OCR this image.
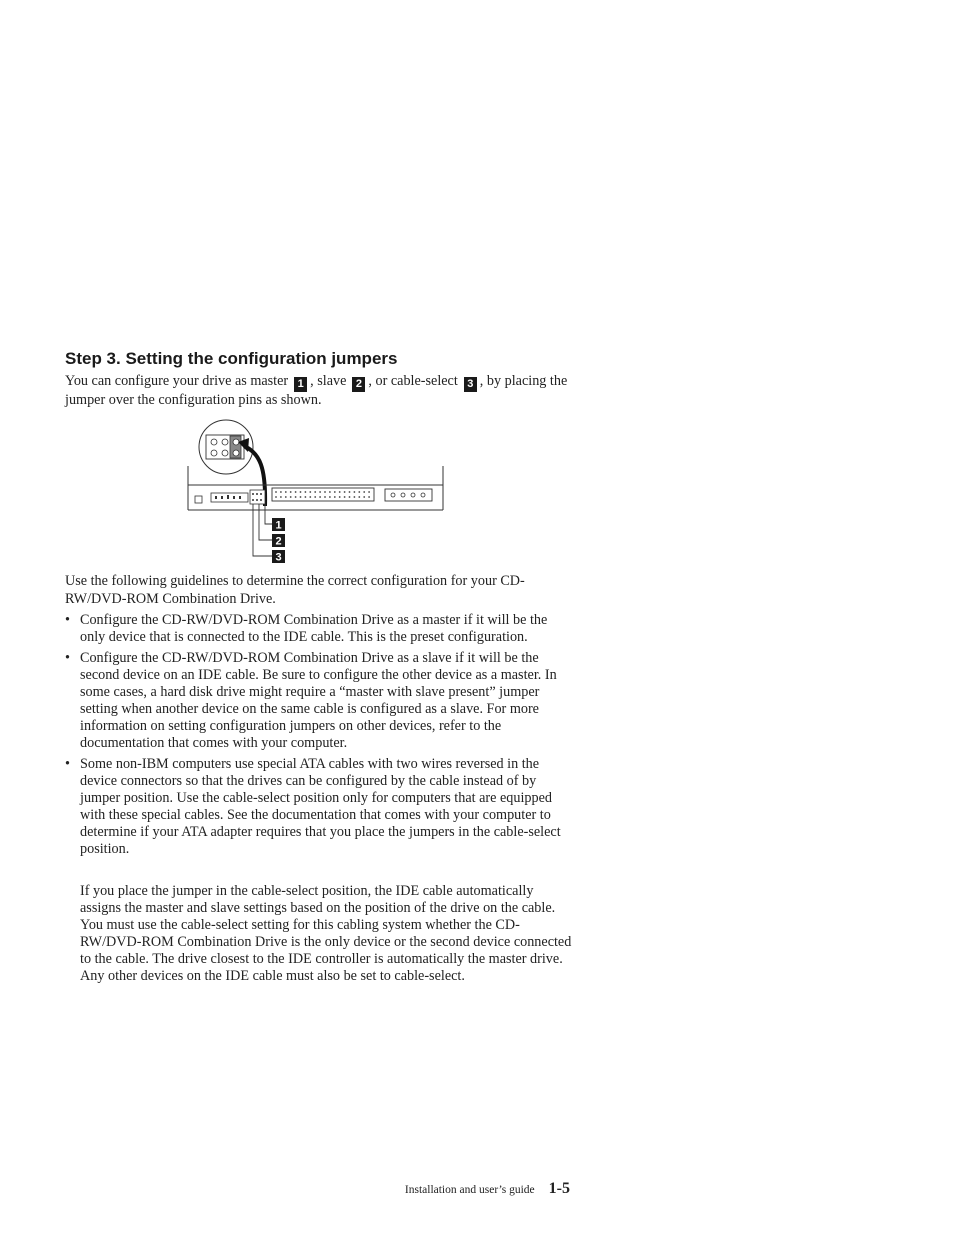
Step 3. Setting the configuration jumpers

You can configure your drive as master 1 , slave 2 , or cable-select 3 , by placing the jumper over the configuration pins as shown.

1
2
3

Use the following guidelines to determine the correct configuration for your CD-RW/DVD-ROM Combination Drive.

• Configure the CD-RW/DVD-ROM Combination Drive as a master if it will be the only device that is connected to the IDE cable. This is the preset configuration.
• Configure the CD-RW/DVD-ROM Combination Drive as a slave if it will be the second device on an IDE cable. Be sure to configure the other device as a master. In some cases, a hard disk drive might require a “master with slave present” jumper setting when another device on the same cable is configured as a slave. For more information on setting configuration jumpers on other devices, refer to the documentation that comes with your computer.
• Some non-IBM computers use special ATA cables with two wires reversed in the device connectors so that the drives can be configured by the cable instead of by jumper position. Use the cable-select position only for computers that are equipped with these special cables. See the documentation that comes with your computer to determine if your ATA adapter requires that you place the jumpers in the cable-select position.

If you place the jumper in the cable-select position, the IDE cable automatically assigns the master and slave settings based on the position of the drive on the cable. You must use the cable-select setting for this cabling system whether the CD-RW/DVD-ROM Combination Drive is the only device or the second device connected to the cable. The drive closest to the IDE controller is automatically the master drive. Any other devices on the IDE cable must also be set to cable-select.

Installation and user’s guide 1-5
